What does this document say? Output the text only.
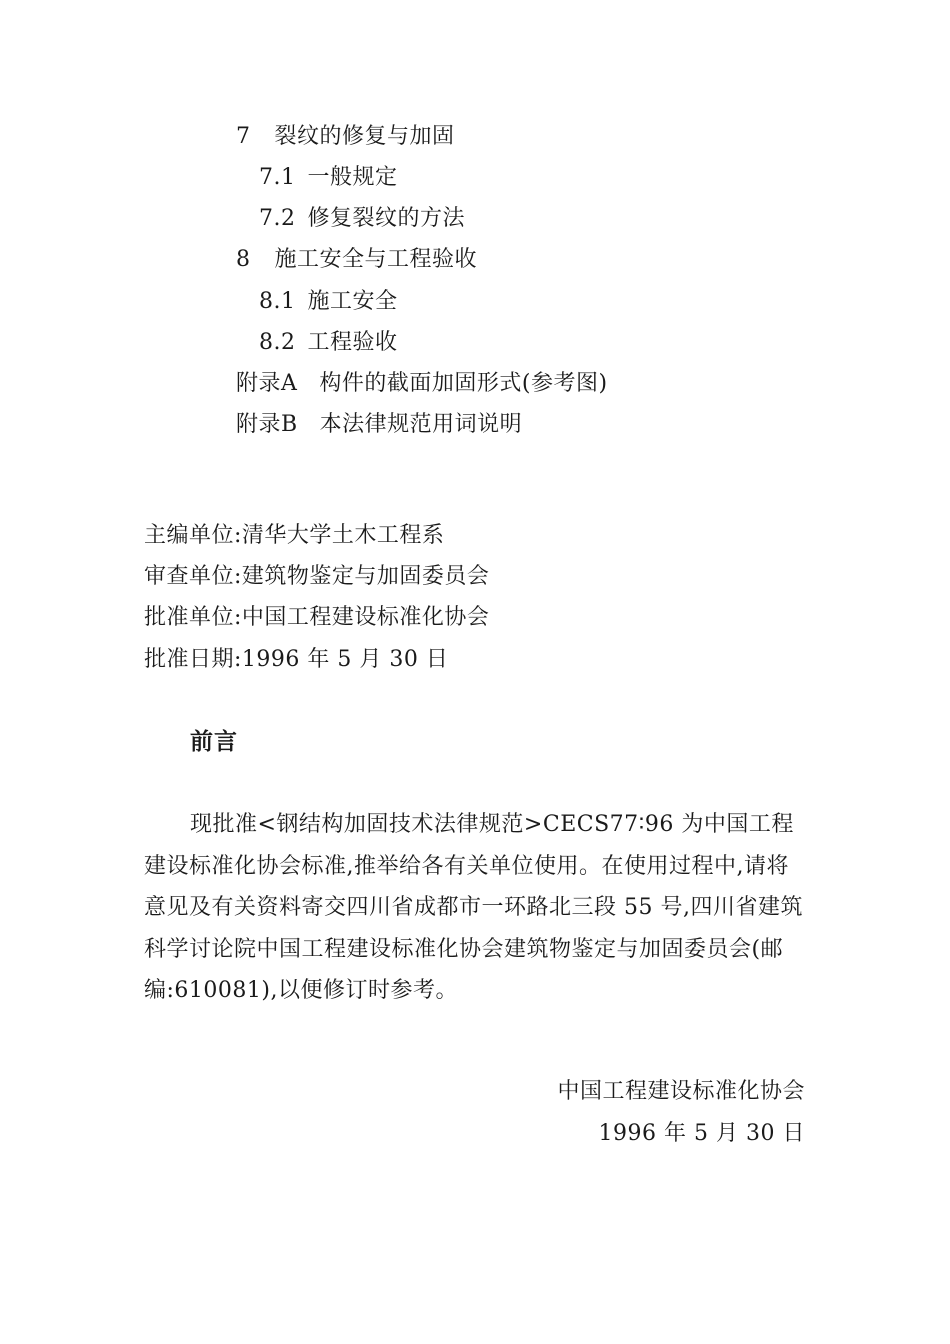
7 裂纹的修复与加固
7.1 一般规定
7.2 修复裂纹的方法
8 施工安全与工程验收
8.1 施工安全
8.2 工程验收
附录A 构件的截面加固形式(参考图)
附录B 本法律规范用词说明
主编单位:清华大学土木工程系
审查单位:建筑物鉴定与加固委员会
批准单位:中国工程建设标准化协会
批准日期:1996 年 5 月 30 日
前言
现批准<钢结构加固技术法律规范>CECS77∶96 为中国工程建设标准化协会标准,推举给各有关单位使用。在使用过程中,请将意见及有关资料寄交四川省成都市一环路北三段 55 号,四川省建筑科学讨论院中国工程建设标准化协会建筑物鉴定与加固委员会(邮编:610081),以便修订时参考。
中国工程建设标准化协会
1996 年 5 月 30 日
